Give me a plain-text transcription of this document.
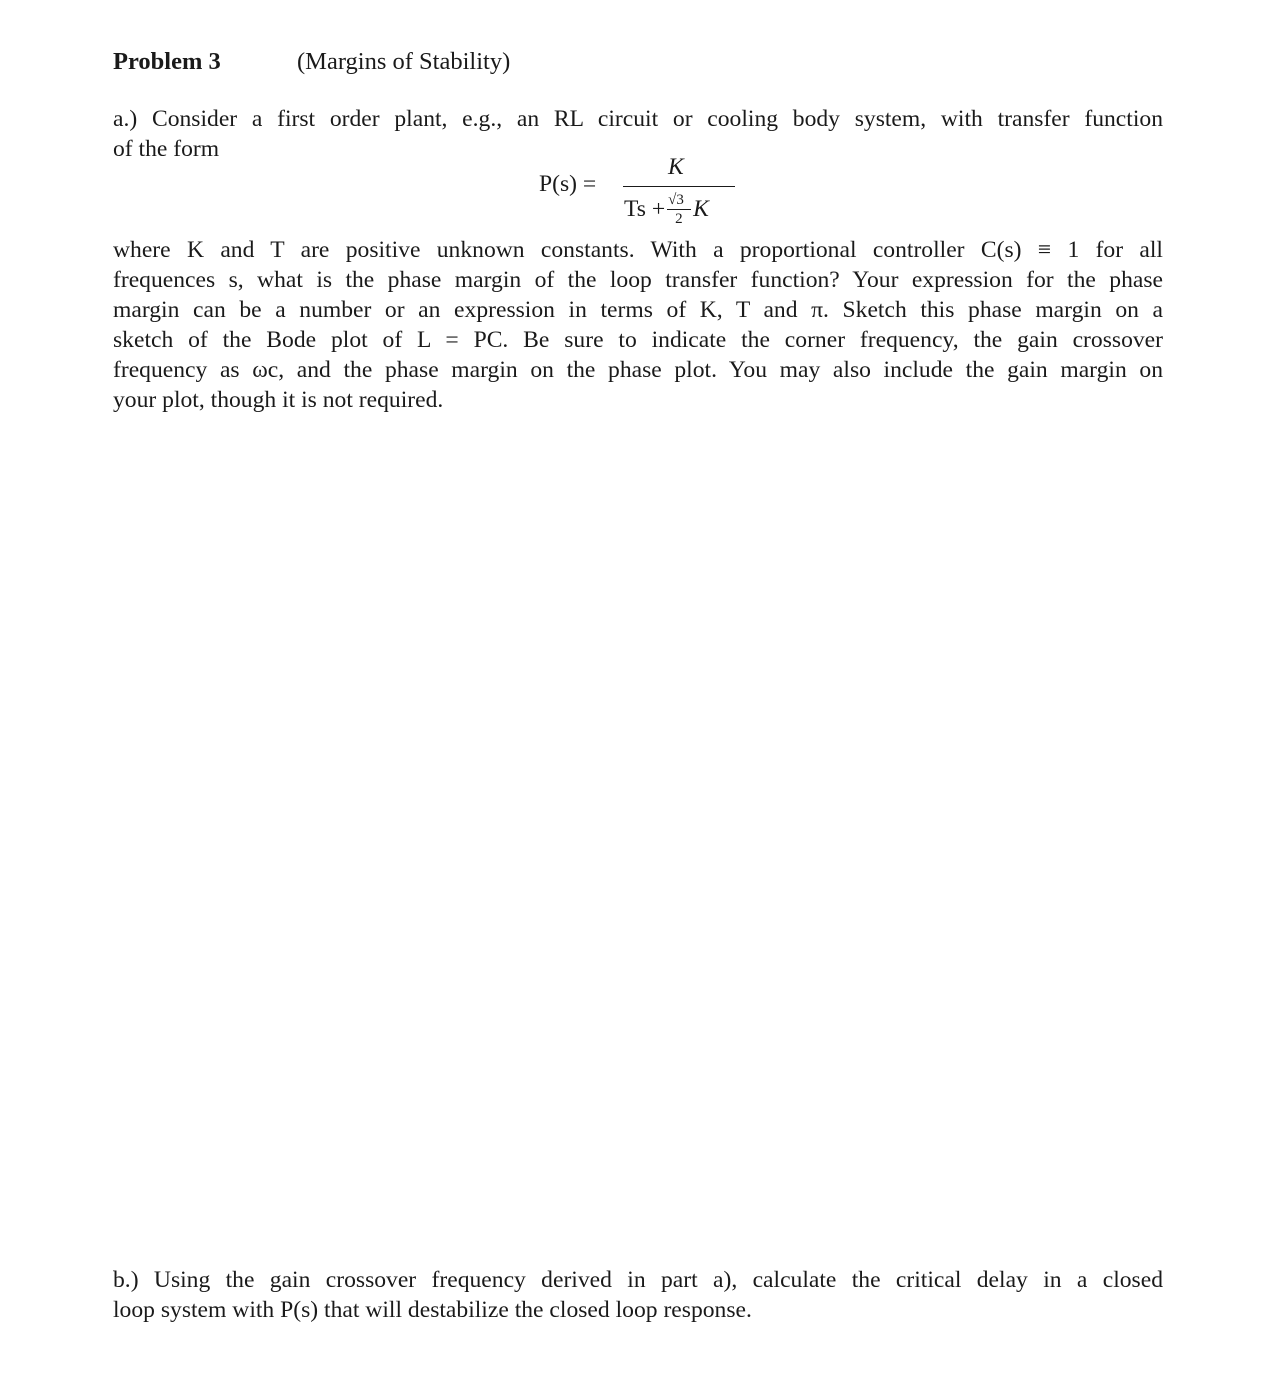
Problem 3	(Margins of Stability)
a.) Consider a first order plant, e.g., an RL circuit or cooling body system, with transfer function
of the form
P(s) =
K
$Ts + \frac{√3}{2}$ K
where K and T are positive unknown constants. With a proportional controller C(s) ≡ 1 for all
frequences s, what is the phase margin of the loop transfer function? Your expression for the phase
margin can be a number or an expression in terms of K, T and π. Sketch this phase margin on a
sketch of the Bode plot of L = PC. Be sure to indicate the corner frequency, the gain crossover
frequency as ωc, and the phase margin on the phase plot. You may also include the gain margin on
your plot, though it is not required.
b.) Using the gain crossover frequency derived in part a), calculate the critical delay in a closed
loop system with P(s) that will destabilize the closed loop response.
